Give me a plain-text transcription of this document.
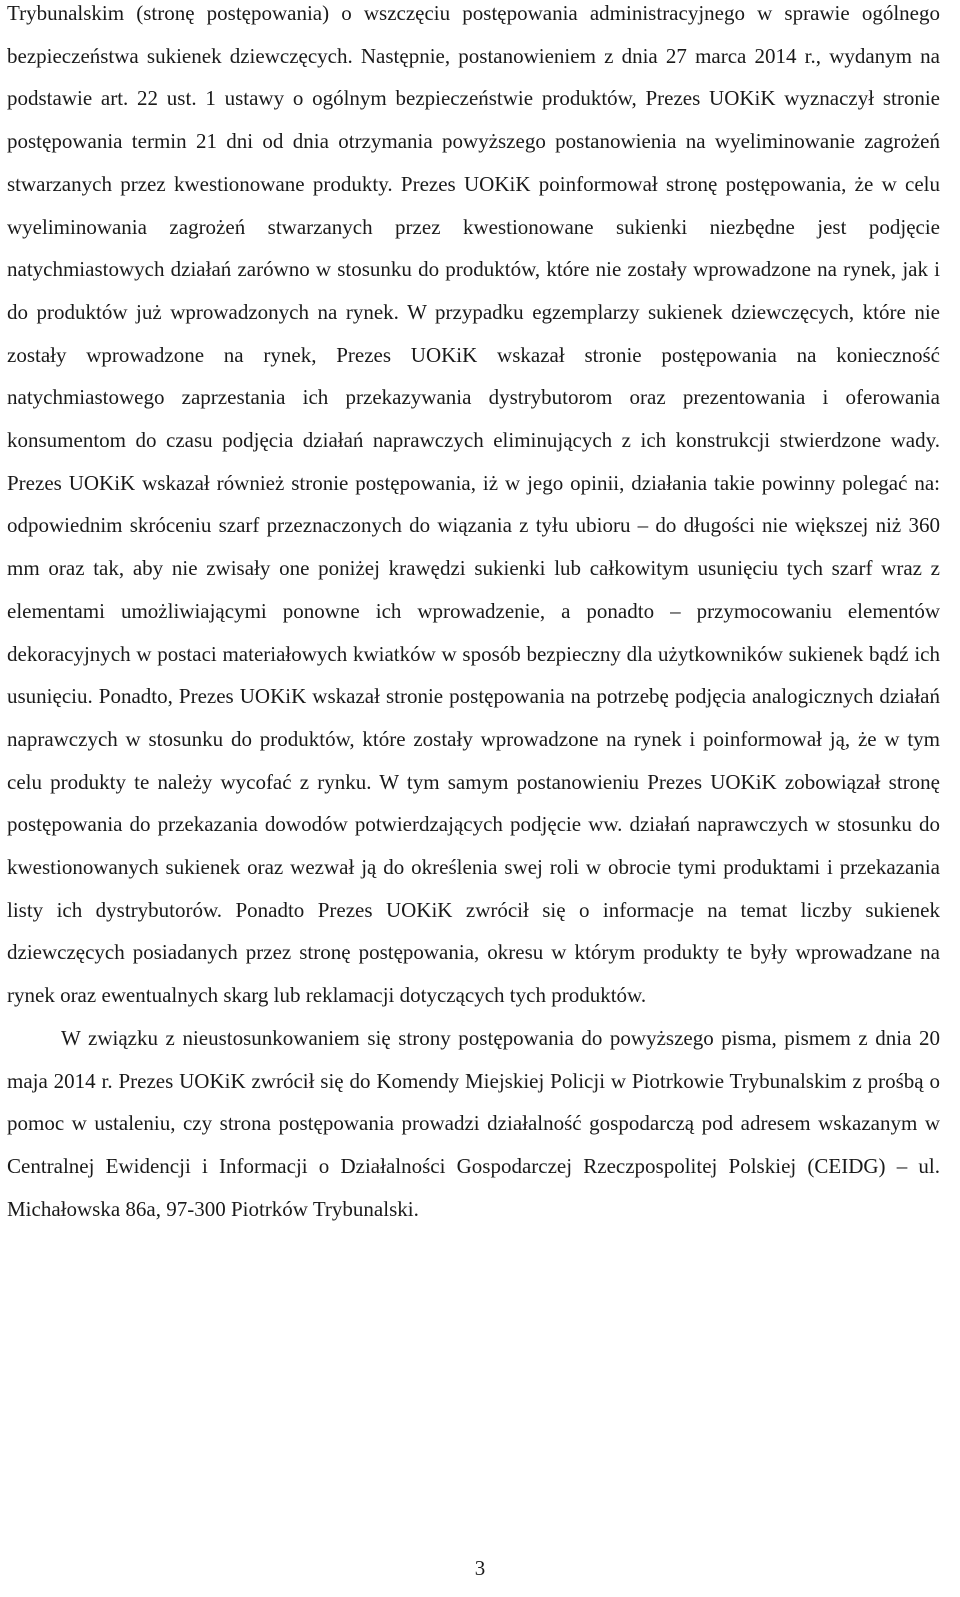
Trybunalskim (stronę postępowania) o wszczęciu postępowania administracyjnego w sprawie ogólnego bezpieczeństwa sukienek dziewczęcych. Następnie, postanowieniem z dnia 27 marca 2014 r., wydanym na podstawie art. 22 ust. 1 ustawy o ogólnym bezpieczeństwie produktów, Prezes UOKiK wyznaczył stronie postępowania termin 21 dni od dnia otrzymania powyższego postanowienia na wyeliminowanie zagrożeń stwarzanych przez kwestionowane produkty. Prezes UOKiK poinformował stronę postępowania, że w celu wyeliminowania zagrożeń stwarzanych przez kwestionowane sukienki niezbędne jest podjęcie natychmiastowych działań zarówno w stosunku do produktów, które nie zostały wprowadzone na rynek, jak i do produktów już wprowadzonych na rynek. W przypadku egzemplarzy sukienek dziewczęcych, które nie zostały wprowadzone na rynek, Prezes UOKiK wskazał stronie postępowania na konieczność natychmiastowego zaprzestania ich przekazywania dystrybutorom oraz prezentowania i oferowania konsumentom do czasu podjęcia działań naprawczych eliminujących z ich konstrukcji stwierdzone wady. Prezes UOKiK wskazał również stronie postępowania, iż w jego opinii, działania takie powinny polegać na: odpowiednim skróceniu szarf przeznaczonych do wiązania z tyłu ubioru – do długości nie większej niż 360 mm oraz tak, aby nie zwisały one poniżej krawędzi sukienki lub całkowitym usunięciu tych szarf wraz z elementami umożliwiającymi ponowne ich wprowadzenie, a ponadto – przymocowaniu elementów dekoracyjnych w postaci materiałowych kwiatków w sposób bezpieczny dla użytkowników sukienek bądź ich usunięciu. Ponadto, Prezes UOKiK wskazał stronie postępowania na potrzebę podjęcia analogicznych działań naprawczych w stosunku do produktów, które zostały wprowadzone na rynek i poinformował ją, że w tym celu produkty te należy wycofać z rynku. W tym samym postanowieniu Prezes UOKiK zobowiązał stronę postępowania do przekazania dowodów potwierdzających podjęcie ww. działań naprawczych w stosunku do kwestionowanych sukienek oraz wezwał ją do określenia swej roli w obrocie tymi produktami i przekazania listy ich dystrybutorów. Ponadto Prezes UOKiK zwrócił się o informacje na temat liczby sukienek dziewczęcych posiadanych przez stronę postępowania, okresu w którym produkty te były wprowadzane na rynek oraz ewentualnych skarg lub reklamacji dotyczących tych produktów.

W związku z nieustosunkowaniem się strony postępowania do powyższego pisma, pismem z dnia 20 maja 2014 r. Prezes UOKiK zwrócił się do Komendy Miejskiej Policji w Piotrkowie Trybunalskim z prośbą o pomoc w ustaleniu, czy strona postępowania prowadzi działalność gospodarczą pod adresem wskazanym w Centralnej Ewidencji i Informacji o Działalności Gospodarczej Rzeczpospolitej Polskiej (CEIDG) – ul. Michałowska 86a, 97-300 Piotrków Trybunalski.

3
